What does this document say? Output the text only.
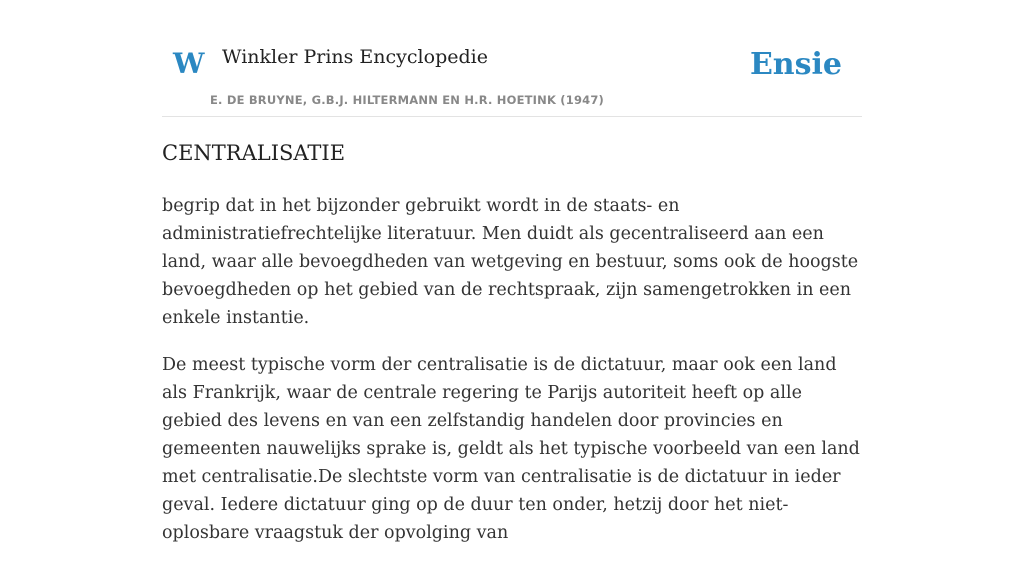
W Winkler Prins Encyclopedie
E. DE BRUYNE, G.B.J. HILTERMANN EN H.R. HOETINK (1947)
Ensie
CENTRALISATIE

begrip dat in het bijzonder gebruikt wordt in de staats- en administratiefrechtelijke literatuur. Men duidt als gecentraliseerd aan een land, waar alle bevoegdheden van wetgeving en bestuur, soms ook de hoogste bevoegdheden op het gebied van de rechtspraak, zijn samengetrokken in een enkele instantie.

De meest typische vorm der centralisatie is de dictatuur, maar ook een land als Frankrijk, waar de centrale regering te Parijs autoriteit heeft op alle gebied des levens en van een zelfstandig handelen door provincies en gemeenten nauwelijks sprake is, geldt als het typische voorbeeld van een land met centralisatie.De slechtste vorm van centralisatie is de dictatuur in ieder geval. Iedere dictatuur ging op de duur ten onder, hetzij door het niet-oplosbare vraagstuk der opvolging van
